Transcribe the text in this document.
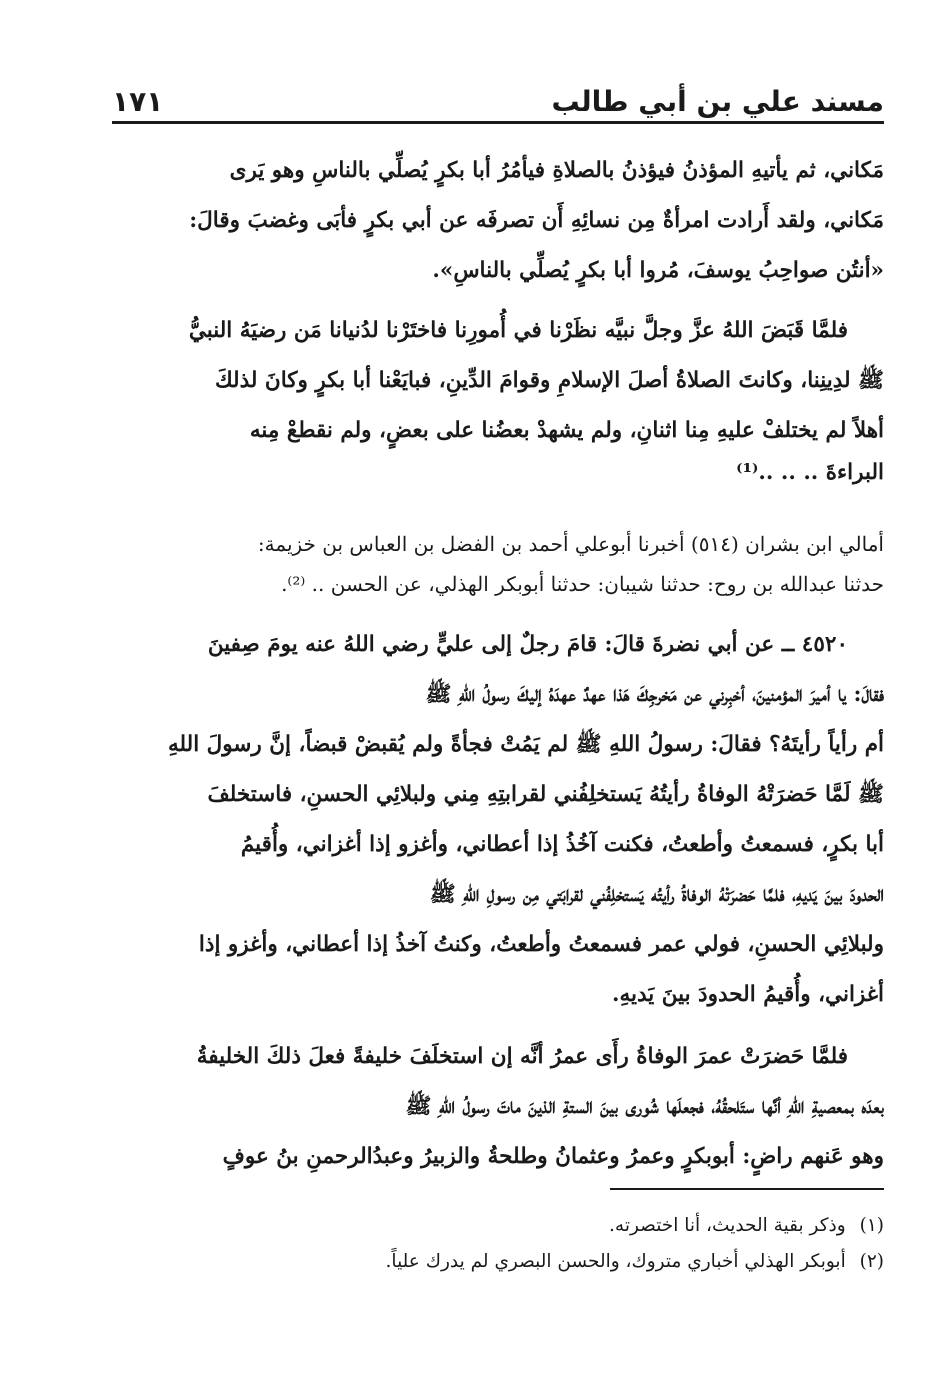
مسند علي بن أبي طالب
١٧١
مَكاني، ثم يأتيهِ المؤذنُ فيؤذنُ بالصلاةِ فيأمُرُ أبا بكرٍ يُصلِّي بالناسِ وهو يَرى
مَكاني، ولقد أَرادت امرأةٌ مِن نسائِهِ أَن تصرفَه عن أبي بكرٍ فأبَى وغضبَ وقالَ:
«أنتُن صواحِبُ يوسفَ، مُروا أبا بكرٍ يُصلِّي بالناسِ».
فلمَّا قَبَضَ اللهُ عزَّ وجلَّ نبيَّه نظَرْنا في أُمورِنا فاختَرْنا لدُنيانا مَن رضيَهُ النبيُّ
ﷺ لدِينِنا، وكانتَ الصلاةُ أصلَ الإسلامِ وقوامَ الدِّينِ، فبايَعْنا أبا بكرٍ وكانَ لذلكَ
أهلاً لم يختلفْ عليهِ مِنا اثنانِ، ولم يشهدْ بعضُنا على بعضٍ، ولم نقطعْ مِنه
البراءةَ .. .. ..⁽¹⁾
أمالي ابن بشران (٥١٤) أخبرنا أبوعلي أحمد بن الفضل بن العباس بن خزيمة:
حدثنا عبدالله بن روح: حدثنا شيبان: حدثنا أبوبكر الهذلي، عن الحسن .. ⁽²⁾.
٤٥٢٠ ــ عن أبي نضرةَ قالَ: قامَ رجلٌ إلى عليٍّ رضي اللهُ عنه يومَ صِفينَ
فقالَ: يا أميرَ المؤمنينَ، أخبِرني عن مَخرجِكَ هَذا عهدٌ عهدَهُ إليكَ رسولُ اللهِ ﷺ
أم رأياً رأيتَهُ؟ فقالَ: رسولُ اللهِ ﷺ لم يَمُتْ فجأةً ولم يُقبضْ قبضاً، إنَّ رسولَ اللهِ
ﷺ لَمَّا حَضرَتْهُ الوفاةُ رأيتُهُ يَستخلِفُني لقرابتِهِ مِني ولبلائِي الحسنِ، فاستخلفَ
أبا بكرٍ، فسمعتُ وأطعتُ، فكنت آخُذُ إذا أعطاني، وأغزو إذا أغزاني، وأُقيمُ
الحدودَ بينَ يَديهِ، فلمَّا حَضرَتْهُ الوفاةُ رأيتُه يَستخلِفُني لقرابَتي مِن رسولِ اللهِ ﷺ
ولبلائِي الحسنِ، فولي عمر فسمعتُ وأطعتُ، وكنتُ آخذُ إذا أعطاني، وأغزو إذا
أغزاني، وأُقيمُ الحدودَ بينَ يَديهِ.
فلمَّا حَضرَتْ عمرَ الوفاةُ رأَى عمرُ أنَّه إن استخلَفَ خليفةً فعلَ ذلكَ الخليفةُ
بعدَه بمعصيةِ اللهِ أنَّها ستَلحقُهُ، فجعلَها شُورى بينَ الستةِ الذينَ ماتَ رسولُ اللهِ ﷺ
وهو عَنهم راضٍ: أبوبكرٍ وعمرُ وعثمانُ وطلحةُ والزبيرُ وعبدُالرحمنِ بنُ عوفٍ
(١) وذكر بقية الحديث، أنا اختصرته.
(٢) أبوبكر الهذلي أخباري متروك، والحسن البصري لم يدرك علياً.
